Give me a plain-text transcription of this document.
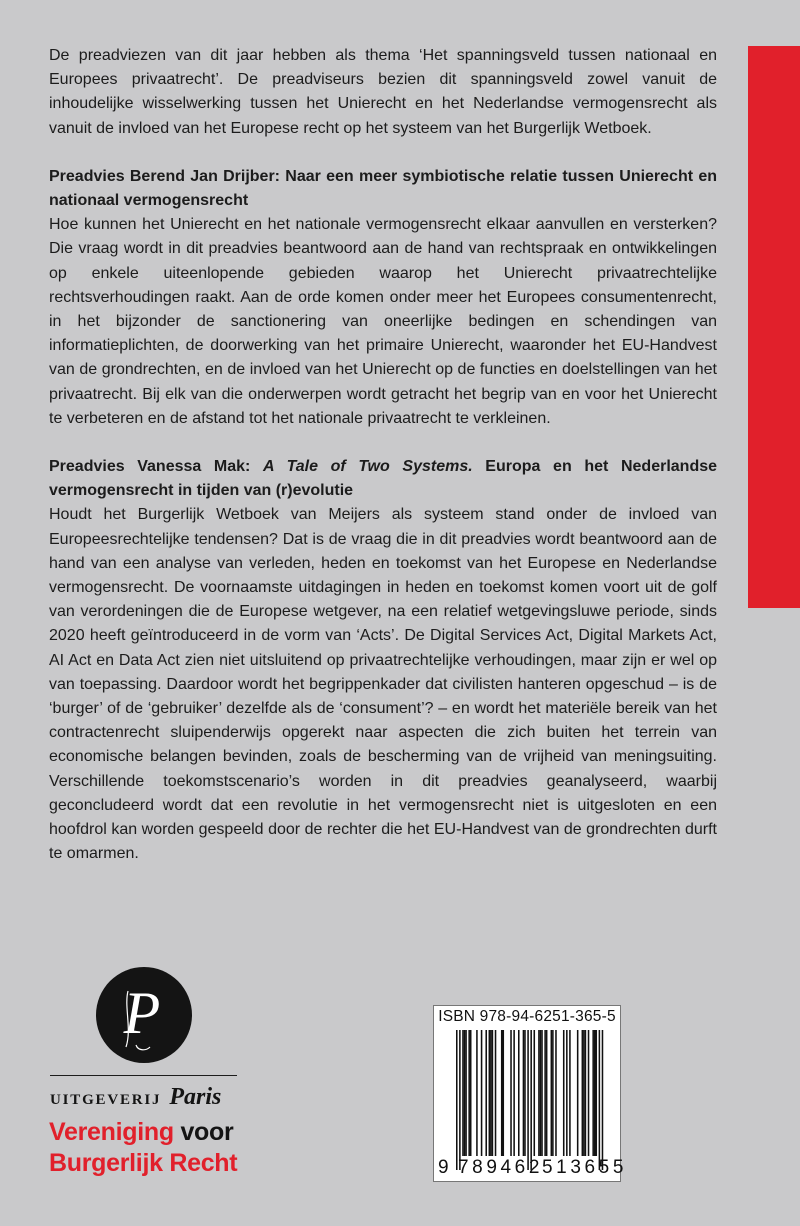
De preadviezen van dit jaar hebben als thema ‘Het spanningsveld tussen nationaal en Europees privaatrecht’. De preadviseurs bezien dit spanningsveld zowel vanuit de inhoudelijke wisselwerking tussen het Unierecht en het Nederlandse vermogensrecht als vanuit de invloed van het Europese recht op het systeem van het Burgerlijk Wetboek.

Preadvies Berend Jan Drijber: Naar een meer symbiotische relatie tussen Unierecht en nationaal vermogensrecht

Hoe kunnen het Unierecht en het nationale vermogensrecht elkaar aanvullen en versterken? Die vraag wordt in dit preadvies beantwoord aan de hand van rechtspraak en ontwikkelingen op enkele uiteenlopende gebieden waarop het Unierecht privaatrechtelijke rechtsverhoudingen raakt. Aan de orde komen onder meer het Europees consumentenrecht, in het bijzonder de sanctionering van oneerlijke bedingen en schendingen van informatieplichten, de doorwerking van het primaire Unierecht, waaronder het EU-Handvest van de grondrechten, en de invloed van het Unierecht op de functies en doelstellingen van het privaatrecht. Bij elk van die onderwerpen wordt getracht het begrip van en voor het Unierecht te verbeteren en de afstand tot het nationale privaatrecht te verkleinen.

Preadvies Vanessa Mak: A Tale of Two Systems. Europa en het Nederlandse vermogensrecht in tijden van (r)evolutie

Houdt het Burgerlijk Wetboek van Meijers als systeem stand onder de invloed van Europeesrechtelijke tendensen? Dat is de vraag die in dit preadvies wordt beantwoord aan de hand van een analyse van verleden, heden en toekomst van het Europese en Nederlandse vermogensrecht. De voornaamste uitdagingen in heden en toekomst komen voort uit de golf van verordeningen die de Europese wetgever, na een relatief wetgevingsluwe periode, sinds 2020 heeft geïntroduceerd in de vorm van ‘Acts’. De Digital Services Act, Digital Markets Act, AI Act en Data Act zien niet uitsluitend op privaatrechtelijke verhoudingen, maar zijn er wel op van toepassing. Daardoor wordt het begrippenkader dat civilisten hanteren opgeschud – is de ‘burger’ of de ‘gebruiker’ dezelfde als de ‘consument’? – en wordt het materiële bereik van het contractenrecht sluipenderwijs opgerekt naar aspecten die zich buiten het terrein van economische belangen bevinden, zoals de bescherming van de vrijheid van meningsuiting. Verschillende toekomstscenario’s worden in dit preadvies geanalyseerd, waarbij geconcludeerd wordt dat een revolutie in het vermogensrecht niet is uitgesloten en een hoofdrol kan worden gespeeld door de rechter die het EU-Handvest van de grondrechten durft te omarmen.

P
UITGEVERIJ Paris
Vereniging voor
Burgerlijk Recht
ISBN 978-94-6251-365-5
9 789462
513655
